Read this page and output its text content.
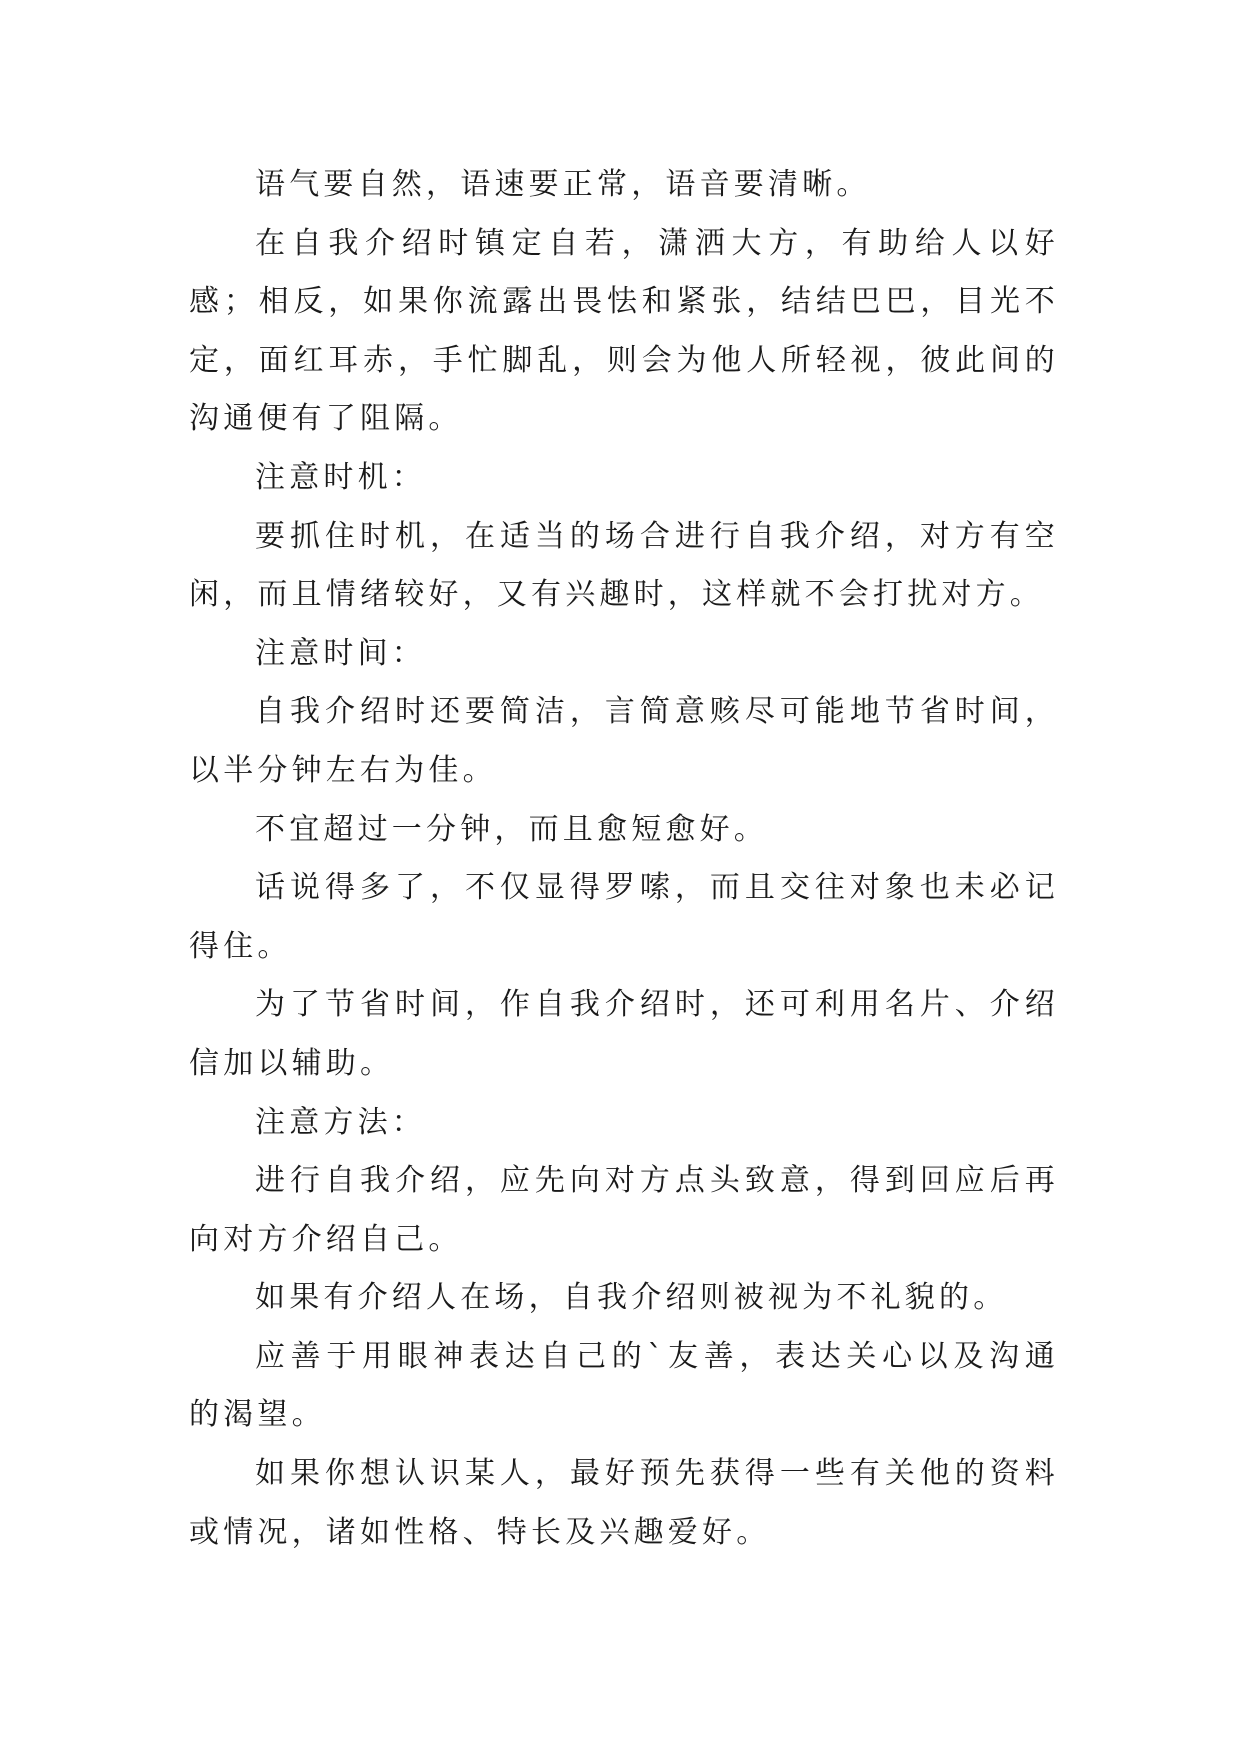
语气要自然，语速要正常，语音要清晰。

在自我介绍时镇定自若，潇洒大方，有助给人以好感；相反，如果你流露出畏怯和紧张，结结巴巴，目光不定，面红耳赤，手忙脚乱，则会为他人所轻视，彼此间的沟通便有了阻隔。

注意时机：

要抓住时机，在适当的场合进行自我介绍，对方有空闲，而且情绪较好，又有兴趣时，这样就不会打扰对方。

注意时间：

自我介绍时还要简洁，言简意赅尽可能地节省时间，以半分钟左右为佳。

不宜超过一分钟，而且愈短愈好。

话说得多了，不仅显得罗嗦，而且交往对象也未必记得住。

为了节省时间，作自我介绍时，还可利用名片、介绍信加以辅助。

注意方法：

进行自我介绍，应先向对方点头致意，得到回应后再向对方介绍自己。

如果有介绍人在场，自我介绍则被视为不礼貌的。

应善于用眼神表达自己的`友善，表达关心以及沟通的渴望。

如果你想认识某人，最好预先获得一些有关他的资料或情况，诸如性格、特长及兴趣爱好。
